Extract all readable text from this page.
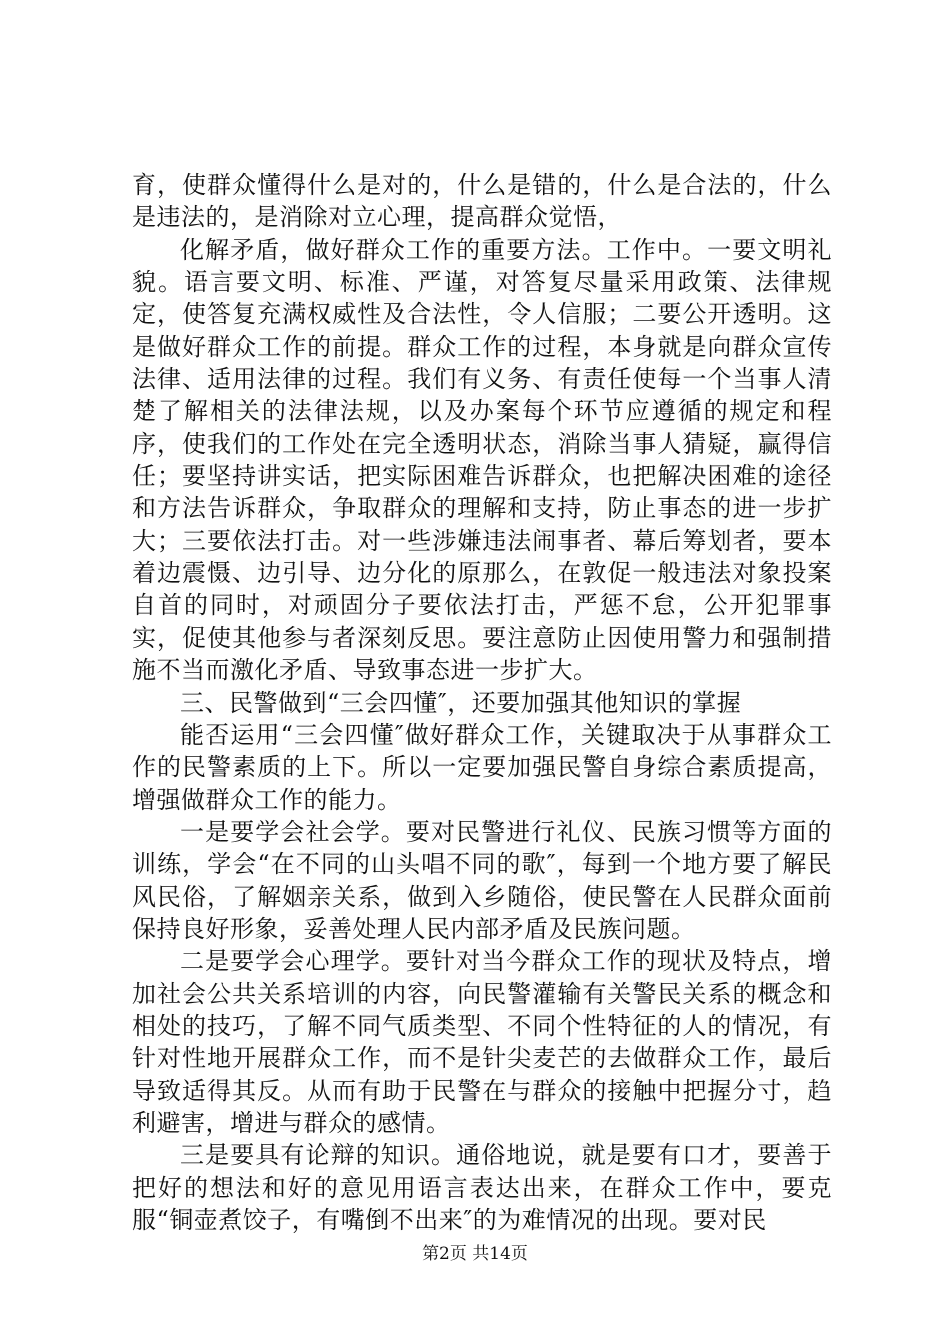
育，使群众懂得什么是对的，什么是错的，什么是合法的，什么是违法的，是消除对立心理，提高群众觉悟，

化解矛盾，做好群众工作的重要方法。工作中。一要文明礼貌。语言要文明、标准、严谨，对答复尽量采用政策、法律规定，使答复充满权威性及合法性，令人信服；二要公开透明。这是做好群众工作的前提。群众工作的过程，本身就是向群众宣传法律、适用法律的过程。我们有义务、有责任使每一个当事人清楚了解相关的法律法规，以及办案每个环节应遵循的规定和程序，使我们的工作处在完全透明状态，消除当事人猜疑，赢得信任；要坚持讲实话，把实际困难告诉群众，也把解决困难的途径和方法告诉群众，争取群众的理解和支持，防止事态的进一步扩大；三要依法打击。对一些涉嫌违法闹事者、幕后筹划者，要本着边震慑、边引导、边分化的原那么，在敦促一般违法对象投案自首的同时，对顽固分子要依法打击，严惩不怠，公开犯罪事实，促使其他参与者深刻反思。要注意防止因使用警力和强制措施不当而激化矛盾、导致事态进一步扩大。

三、民警做到“三会四懂″，还要加强其他知识的掌握

能否运用“三会四懂″做好群众工作，关键取决于从事群众工作的民警素质的上下。所以一定要加强民警自身综合素质提高，增强做群众工作的能力。

一是要学会社会学。要对民警进行礼仪、民族习惯等方面的训练，学会“在不同的山头唱不同的歌″，每到一个地方要了解民风民俗，了解姻亲关系，做到入乡随俗，使民警在人民群众面前保持良好形象，妥善处理人民内部矛盾及民族问题。

二是要学会心理学。要针对当今群众工作的现状及特点，增加社会公共关系培训的内容，向民警灌输有关警民关系的概念和相处的技巧，了解不同气质类型、不同个性特征的人的情况，有针对性地开展群众工作，而不是针尖麦芒的去做群众工作，最后导致适得其反。从而有助于民警在与群众的接触中把握分寸，趋利避害，增进与群众的感情。

三是要具有论辩的知识。通俗地说，就是要有口才，要善于把好的想法和好的意见用语言表达出来，在群众工作中，要克服“铜壶煮饺子，有嘴倒不出来″的为难情况的出现。要对民

第2页 共14页
